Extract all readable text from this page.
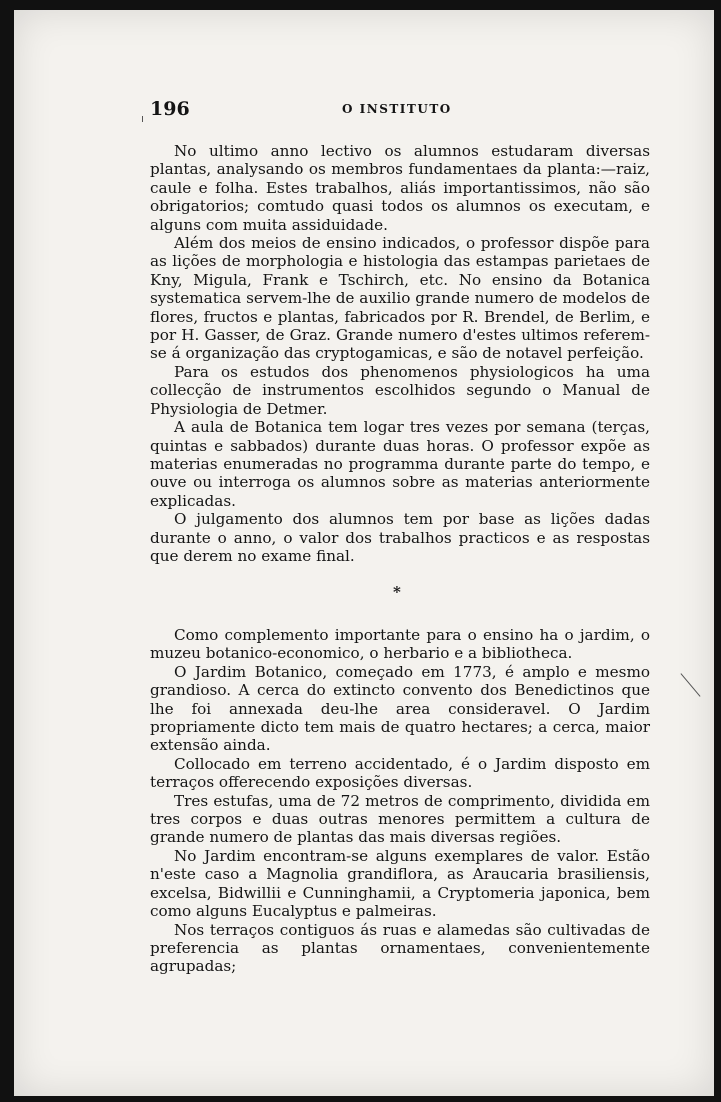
196	O INSTITUTO

No ultimo anno lectivo os alumnos estudaram diversas plantas, analysando os membros fundamentaes da planta:—raiz, caule e folha. Estes trabalhos, aliás importantissimos, não são obrigatorios; comtudo quasi todos os alumnos os executam, e alguns com muita assiduidade.

Além dos meios de ensino indicados, o professor dispõe para as lições de morphologia e histologia das estampas parietaes de Kny, Migula, Frank e Tschirch, etc. No ensino da Botanica systematica servem-lhe de auxilio grande numero de modelos de flores, fructos e plantas, fabricados por R. Brendel, de Berlim, e por H. Gasser, de Graz. Grande numero d'estes ultimos referem-se á organização das cryptogamicas, e são de notavel perfeição.

Para os estudos dos phenomenos physiologicos ha uma collecção de instrumentos escolhidos segundo o Manual de Physiologia de Detmer.

A aula de Botanica tem logar tres vezes por semana (terças, quintas e sabbados) durante duas horas. O professor expõe as materias enumeradas no programma durante parte do tempo, e ouve ou interroga os alumnos sobre as materias anteriormente explicadas.

O julgamento dos alumnos tem por base as lições dadas durante o anno, o valor dos trabalhos practicos e as respostas que derem no exame final.

*

Como complemento importante para o ensino ha o jardim, o muzeu botanico-economico, o herbario e a bibliotheca.

O Jardim Botanico, começado em 1773, é amplo e mesmo grandioso. A cerca do extincto convento dos Benedictinos que lhe foi annexada deu-lhe area consideravel. O Jardim propriamente dicto tem mais de quatro hectares; a cerca, maior extensão ainda.

Collocado em terreno accidentado, é o Jardim disposto em terraços offerecendo exposições diversas.

Tres estufas, uma de 72 metros de comprimento, dividida em tres corpos e duas outras menores permittem a cultura de grande numero de plantas das mais diversas regiões.

No Jardim encontram-se alguns exemplares de valor. Estão n'este caso a Magnolia grandiflora, as Araucaria brasiliensis, excelsa, Bidwillii e Cunninghamii, a Cryptomeria japonica, bem como alguns Eucalyptus e palmeiras.

Nos terraços contiguos ás ruas e alamedas são cultivadas de preferencia as plantas ornamentaes, convenientemente agrupadas;
